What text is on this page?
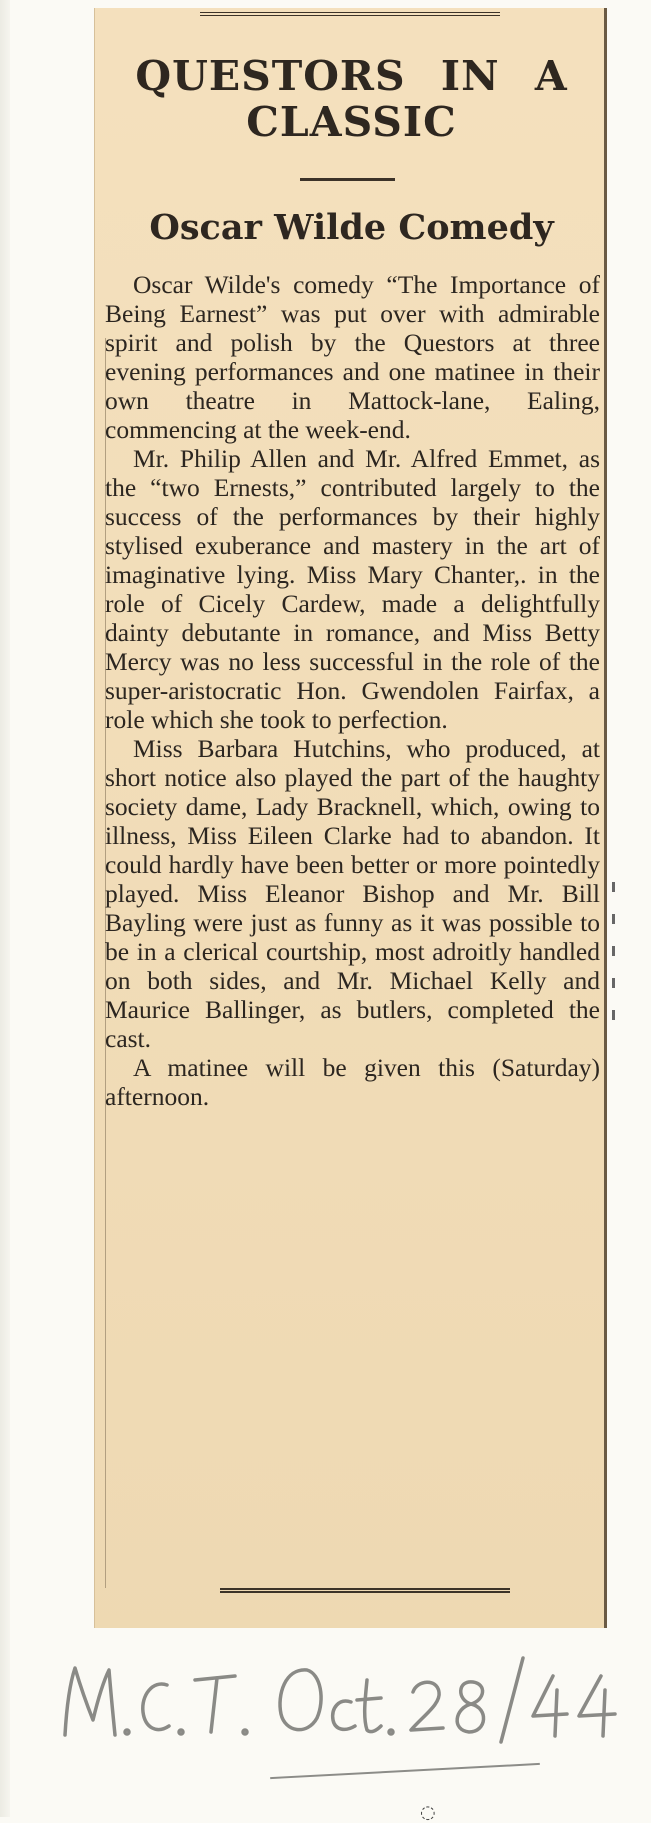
QUESTORS IN A
CLASSIC
Oscar Wilde Comedy

Oscar Wilde's comedy “The Importance of Being Earnest” was put over with admirable spirit and polish by the Questors at three evening performances and one matinee in their own theatre in Mattock-lane, Ealing, commencing at the week-end.

Mr. Philip Allen and Mr. Alfred Emmet, as the “two Ernests,” contributed largely to the success of the performances by their highly stylised exuberance and mastery in the art of imaginative lying. Miss Mary Chanter,. in the role of Cicely Cardew, made a delightfully dainty debutante in romance, and Miss Betty Mercy was no less successful in the role of the super-aristocratic Hon. Gwendolen Fairfax, a role which she took to perfection.

Miss Barbara Hutchins, who produced, at short notice also played the part of the haughty society dame, Lady Bracknell, which, owing to illness, Miss Eileen Clarke had to abandon. It could hardly have been better or more pointedly played. Miss Eleanor Bishop and Mr. Bill Bayling were just as funny as it was possible to be in a clerical courtship, most adroitly handled on both sides, and Mr. Michael Kelly and Maurice Ballinger, as butlers, completed the cast.

A matinee will be given this (Saturday) afternoon.

◌
